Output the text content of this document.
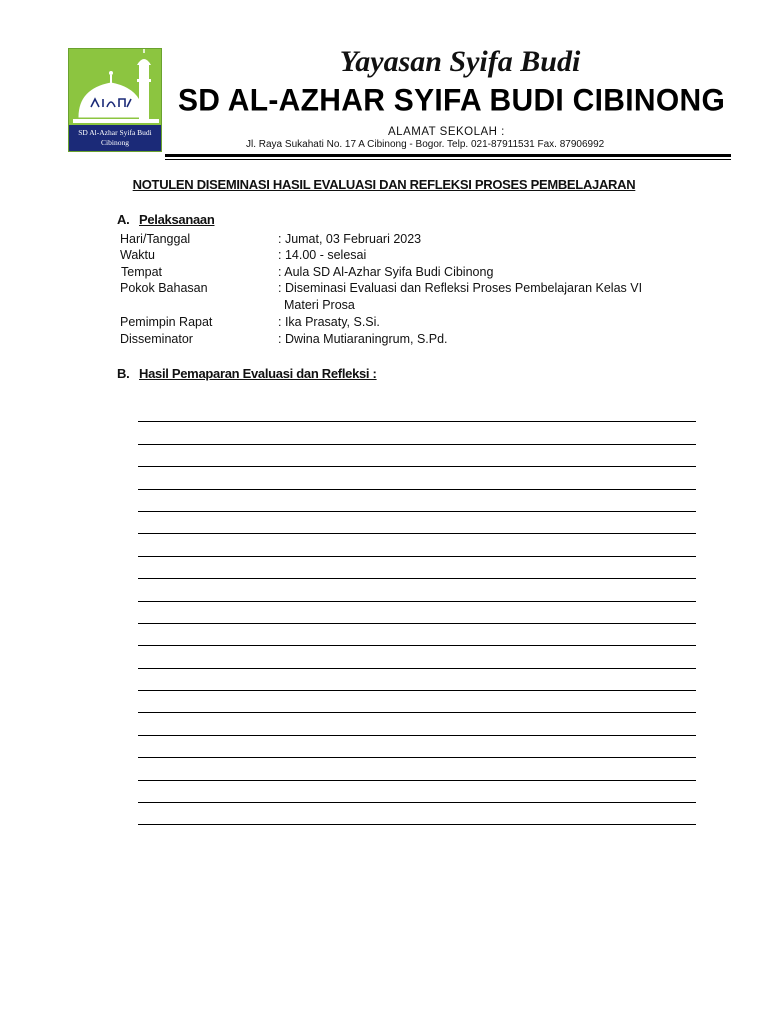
SD Al-Azhar Syifa Budi
Cibinong
Yayasan Syifa Budi
SD AL-AZHAR SYIFA BUDI CIBINONG
ALAMAT SEKOLAH :
Jl. Raya Sukahati No. 17 A Cibinong - Bogor. Telp. 021-87911531 Fax. 87906992
NOTULEN DISEMINASI HASIL EVALUASI DAN REFLEKSI PROSES PEMBELAJARAN
A. Pelaksanaan
Hari/Tanggal	: Jumat, 03 Februari 2023
Waktu	: 14.00 - selesai
Tempat	: Aula SD Al-Azhar Syifa Budi Cibinong
Pokok Bahasan	: Diseminasi Evaluasi dan Refleksi Proses Pembelajaran Kelas VI
Materi Prosa
Pemimpin Rapat	: Ika Prasaty, S.Si.
Disseminator	: Dwina Mutiaraningrum, S.Pd.
B. Hasil Pemaparan Evaluasi dan Refleksi :
